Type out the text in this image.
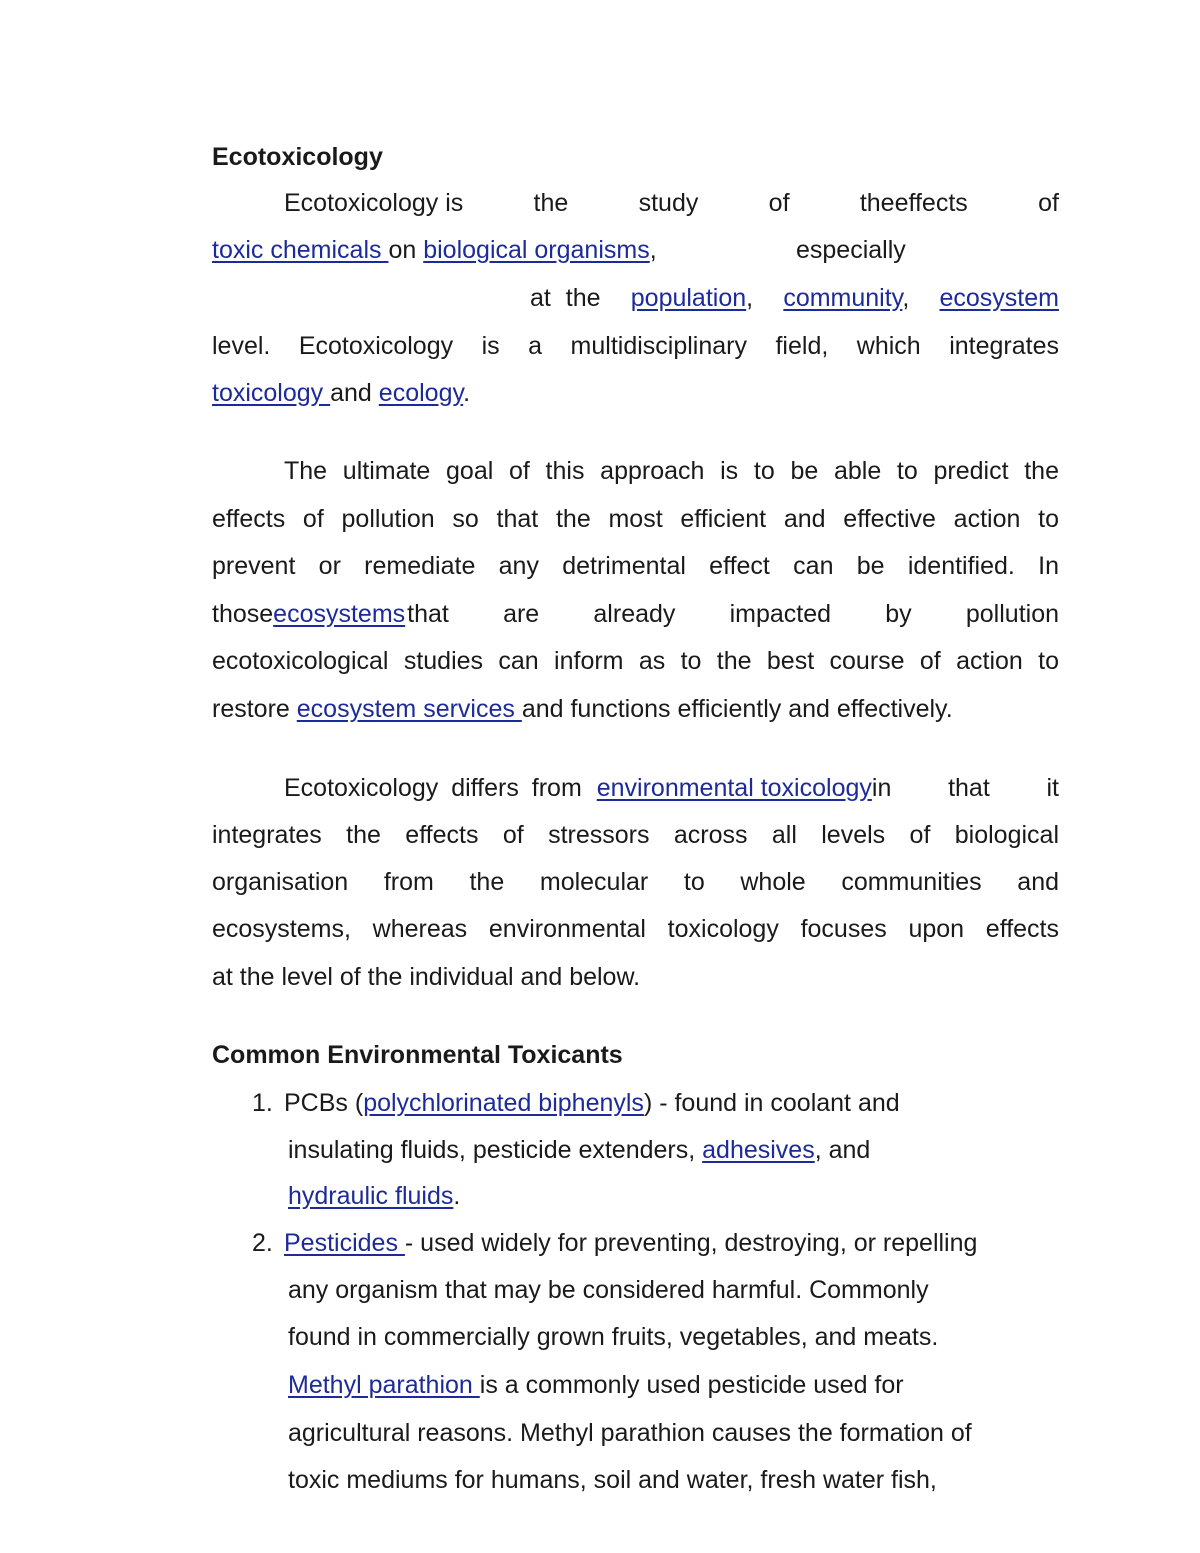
Ecotoxicology
Ecotoxicology is	the	study	of	theeffects	of
toxic chemicals on biological organisms,	especially
at the population, community, ecosystem
level. Ecotoxicology is a multidisciplinary field, which integrates
toxicology and ecology.
The ultimate goal of this approach is to be able to predict the
effects of pollution so that the most efficient and effective action to
prevent or remediate any detrimental effect can be identified. In
those ecosystems that are already impacted by pollution
ecotoxicological studies can inform as to the best course of action to
restore ecosystem services and functions efficiently and effectively.
Ecotoxicology differs from
environmental toxicology in that it
integrates the effects of stressors across all levels of biological
organisation from the molecular to whole communities and
ecosystems, whereas environmental toxicology focuses upon effects
at the level of the individual and below.
Common Environmental Toxicants
1. PCBs (polychlorinated biphenyls) - found in coolant and
insulating fluids, pesticide extenders, adhesives, and
hydraulic fluids.
2. Pesticides - used widely for preventing, destroying, or repelling
any organism that may be considered harmful. Commonly
found in commercially grown fruits, vegetables, and meats.
Methyl parathion is a commonly used pesticide used for
agricultural reasons. Methyl parathion causes the formation of
toxic mediums for humans, soil and water, fresh water fish,
